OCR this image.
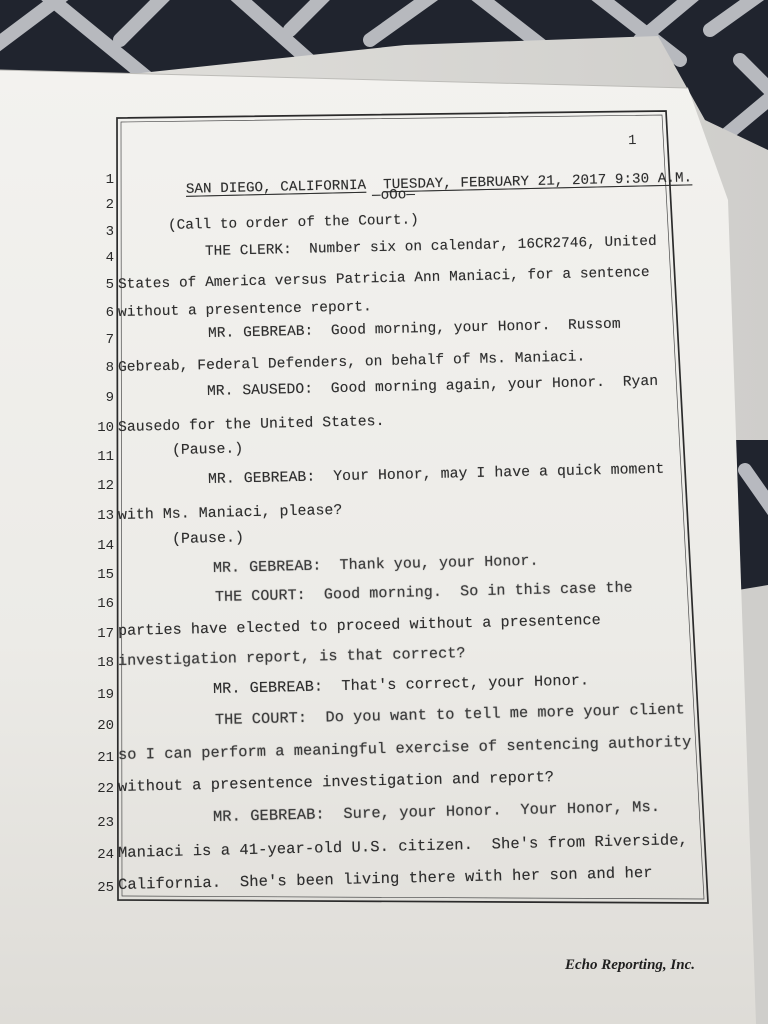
1
1
2
3
4
5
6
7
8
9
10
11
12
13
14
15
16
17
18
19
20
21
22
23
24
25

SAN DIEGO, CALIFORNIA TUESDAY, FEBRUARY 21, 2017 9:30 A.M.

—oOo—
(Call to order of the Court.)
THE CLERK:  Number six on calendar, 16CR2746, United
States of America versus Patricia Ann Maniaci, for a sentence
without a presentence report.
MR. GEBREAB:  Good morning, your Honor.  Russom
Gebreab, Federal Defenders, on behalf of Ms. Maniaci.
MR. SAUSEDO:  Good morning again, your Honor.  Ryan
Sausedo for the United States.
(Pause.)
MR. GEBREAB:  Your Honor, may I have a quick moment
with Ms. Maniaci, please?
(Pause.)
MR. GEBREAB:  Thank you, your Honor.
THE COURT:  Good morning.  So in this case the
parties have elected to proceed without a presentence
investigation report, is that correct?
MR. GEBREAB:  That's correct, your Honor.
THE COURT:  Do you want to tell me more your client
so I can perform a meaningful exercise of sentencing authority
without a presentence investigation and report?
MR. GEBREAB:  Sure, your Honor.  Your Honor, Ms.
Maniaci is a 41-year-old U.S. citizen.  She's from Riverside,
California.  She's been living there with her son and her
Echo Reporting, Inc.
